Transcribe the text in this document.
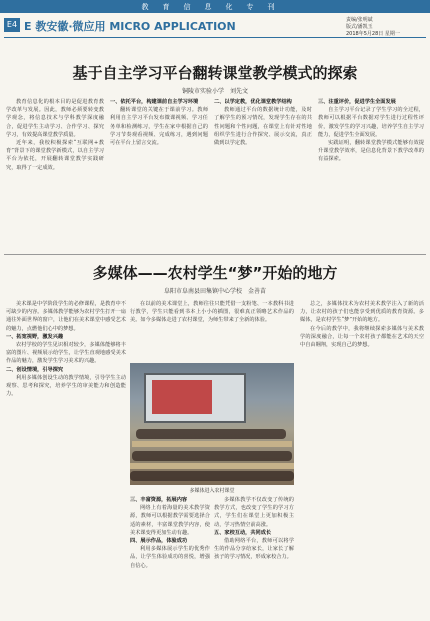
教育信息化专刊
E4 E 教安徽·微应用 MICRO APPLICATION	责编/张明斌
版式/潘凯玉
2018年5月28日 星期一
基于自主学习平台翻转课堂教学模式的探索
铜陵市实验小学　刘先文

教育信息化的根本目的是促进教育教学改革与发展。因此，教师必须要转变教学观念，将信息技术与学科教学深度融合，促进学生主动学习、合作学习、探究学习，有效提高课堂教学质量。

近年来，我校积极探索“互联网+教育”背景下的课堂教学新模式，以自主学习平台为依托，开展翻转课堂教学实践研究，取得了一定成效。

一、依托平台，构建课前自主学习环境

翻转课堂的关键在于课前学习。教师利用自主学习平台发布微课视频、学习任务单和检测练习，学生在家中根据自己的学习节奏观看视频、完成练习，遇到问题可在平台上留言交流。

二、以学定教，优化课堂教学结构

教师通过平台的数据统计功能，及时了解学生的预习情况，发现学生存在的共性问题和个性问题，在课堂上有针对性地组织学生进行合作探究、展示交流，真正做到以学定教。

三、注重评价，促进学生全面发展

自主学习平台记录了学生学习的全过程，教师可以根据平台数据对学生进行过程性评价，激发学生的学习兴趣，培养学生自主学习能力，促进学生全面发展。

实践证明，翻转课堂教学模式能够有效提升课堂教学效率，是信息化背景下教学改革的有益探索。

多媒体——农村学生“梦”开始的地方
阜阳市阜南县田集镇中心学校　金善苗

美术课是中学阶段学生的必修课程，是教育中不可缺少的内容。多媒体教学能够为农村学生打开一扇通往外面世界的窗户，让他们在美术课堂中感受艺术的魅力，点燃他们心中的梦想。

一、拓宽视野，激发兴趣

农村学校的学生见识相对较少，多媒体能够将丰富的图片、视频展示给学生，让学生直观地感受美术作品的魅力，激发学生学习美术的兴趣。

二、创设情境，引导探究

利用多媒体创设生动的教学情境，引导学生主动观察、思考和探究，培养学生的审美能力和创造能力。

在以前的美术课堂上，教师往往只能凭借一支粉笔、一本教科书进行教学，学生只能看到书本上小小的插图，很难真正领略艺术作品的美。如今多媒体走进了农村课堂，为师生带来了全新的体验。

多媒体进入农村课堂

三、丰富资源，拓展内容

网络上有着海量的美术教学资源，教师可以根据教学需要选择合适的素材，丰富课堂教学内容，使美术课变得更加生动有趣。

四、展示作品，体验成功

利用多媒体展示学生的优秀作品，让学生体验成功的喜悦，增强自信心。

多媒体教学不仅改变了传统的教学方式，也改变了学生的学习方式，学生们在课堂上更加积极主动，学习热情空前高涨。

五、家校互动，共同成长

借助网络平台，教师可以将学生的作品分享给家长，让家长了解孩子的学习情况，形成家校合力。

总之，多媒体技术为农村美术教学注入了新的活力，让农村的孩子们也能享受到优质的教育资源。多媒体，是农村学生“梦”开始的地方。

在今后的教学中，我将继续探索多媒体与美术教学的深度融合，让每一个农村孩子都能在艺术的天空中自由翱翔，实现自己的梦想。
